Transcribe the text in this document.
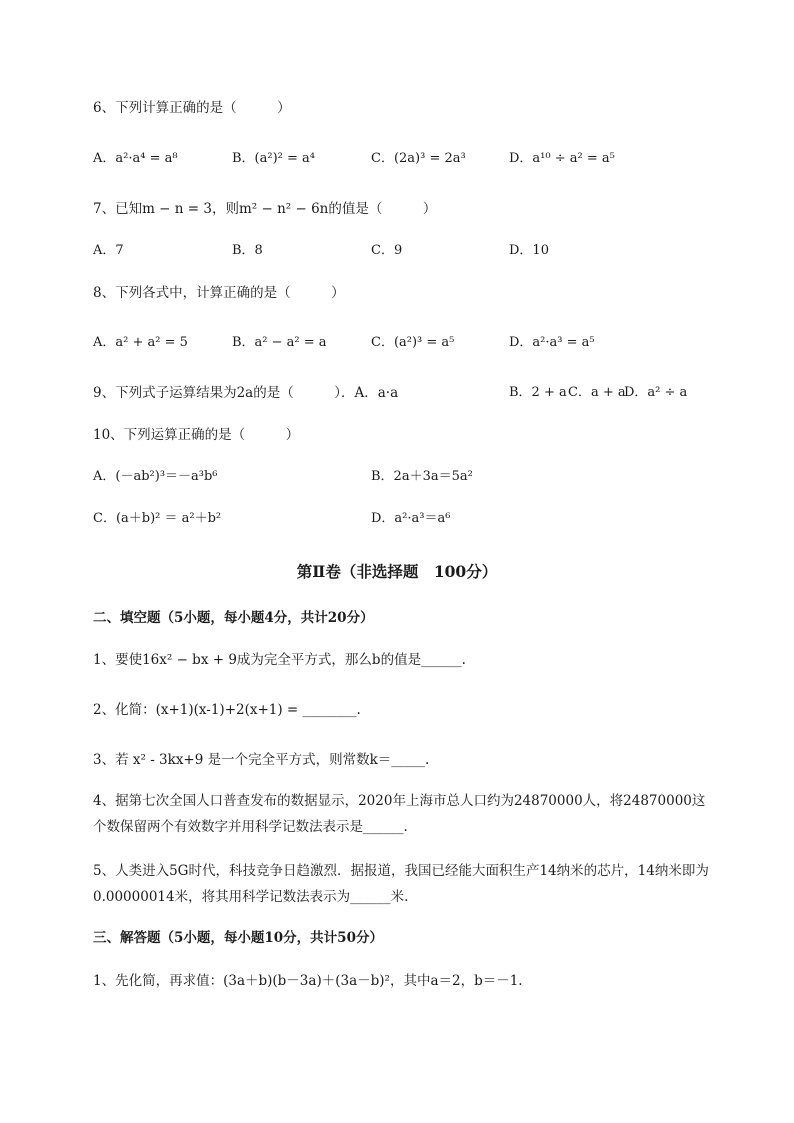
6、下列计算正确的是（　　　）
A．a²·a⁴ = a⁸	B．(a²)² = a⁴	C．(2a)³ = 2a³	D．a¹⁰ ÷ a² = a⁵
7、已知m − n = 3，则m² − n² − 6n的值是（　　　）
A．7	B．8	C．9	D．10
8、下列各式中，计算正确的是（　　　）
A．a² + a² = 5	B．a² − a² = a	C．(a²)³ = a⁵	D．a²·a³ = a⁵
9、下列式子运算结果为2a的是（　　　）．A．a·a	B．2 + a C．a + a
D．a² ÷ a
10、下列运算正确的是（　　　）
A．(－ab²)³＝－a³b⁶	B．2a＋3a＝5a²
C．(a＋b)² ＝ a²＋b²	D．a²·a³＝a⁶
第Ⅱ卷（非选择题　100分）
二、填空题（5小题，每小题4分，共计20分）
1、要使16x² − bx + 9成为完全平方式，那么b的值是______.
2、化简：(x+1)(x-1)+2(x+1) = ________.
3、若 x² - 3kx+9 是一个完全平方式，则常数k＝_____.
4、据第七次全国人口普查发布的数据显示，2020年上海市总人口约为24870000人，将24870000这个数保留两个有效数字并用科学记数法表示是______.
5、人类进入5G时代，科技竞争日趋激烈．据报道，我国已经能大面积生产14纳米的芯片，14纳米即为0.00000014米，将其用科学记数法表示为______米.
三、解答题（5小题，每小题10分，共计50分）
1、先化简，再求值：(3a＋b)(b－3a)＋(3a－b)²，其中a＝2，b＝－1.
